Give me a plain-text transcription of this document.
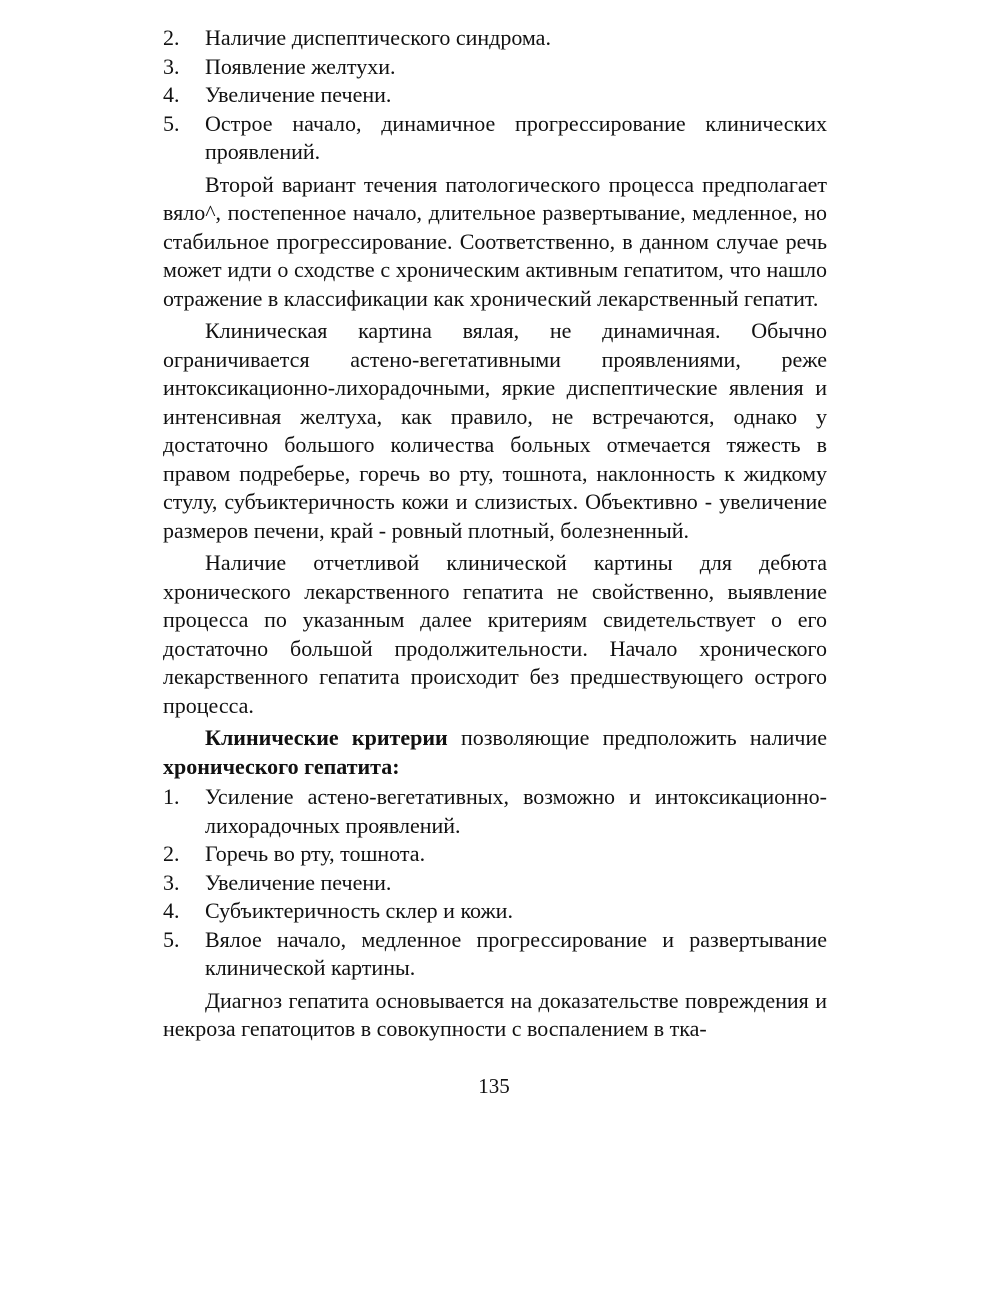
2.	Наличие диспептического синдрома.
3.	Появление желтухи.
4.	Увеличение печени.
5.	Острое начало, динамичное прогрессирование клинических проявлений.

Второй вариант течения патологического процесса предполагает вяло^, постепенное начало, длительное развертывание, медленное, но стабильное прогрессирование. Соответственно, в данном случае речь может идти о сходстве с хроническим активным гепатитом, что нашло отражение в классификации как хронический лекарственный гепатит.

Клиническая картина вялая, не динамичная. Обычно ограничивается астено-вегетативными проявлениями, реже интоксикационно-лихорадочными, яркие диспептические явления и интенсивная желтуха, как правило, не встречаются, однако у достаточно большого количества больных отмечается тяжесть в правом подреберье, горечь во рту, тошнота, наклонность к жидкому стулу, субъиктеричность кожи и слизистых. Объективно - увеличение размеров печени, край - ровный плотный, болезненный.

Наличие отчетливой клинической картины для дебюта хронического лекарственного гепатита не свойственно, выявление процесса по указанным далее критериям свидетельствует о его достаточно большой продолжительности. Начало хронического лекарственного гепатита происходит без предшествующего острого процесса.

Клинические критерии позволяющие предположить наличие хронического гепатита:

1.	Усиление астено-вегетативных, возможно и интоксикационно-лихорадочных проявлений.
2.	Горечь во рту, тошнота.
3.	Увеличение печени.
4.	Субъиктеричность склер и кожи.
5.	Вялое начало, медленное прогрессирование и развертывание клинической картины.

Диагноз гепатита основывается на доказательстве повреждения и некроза гепатоцитов в совокупности с воспалением в тка-

135
